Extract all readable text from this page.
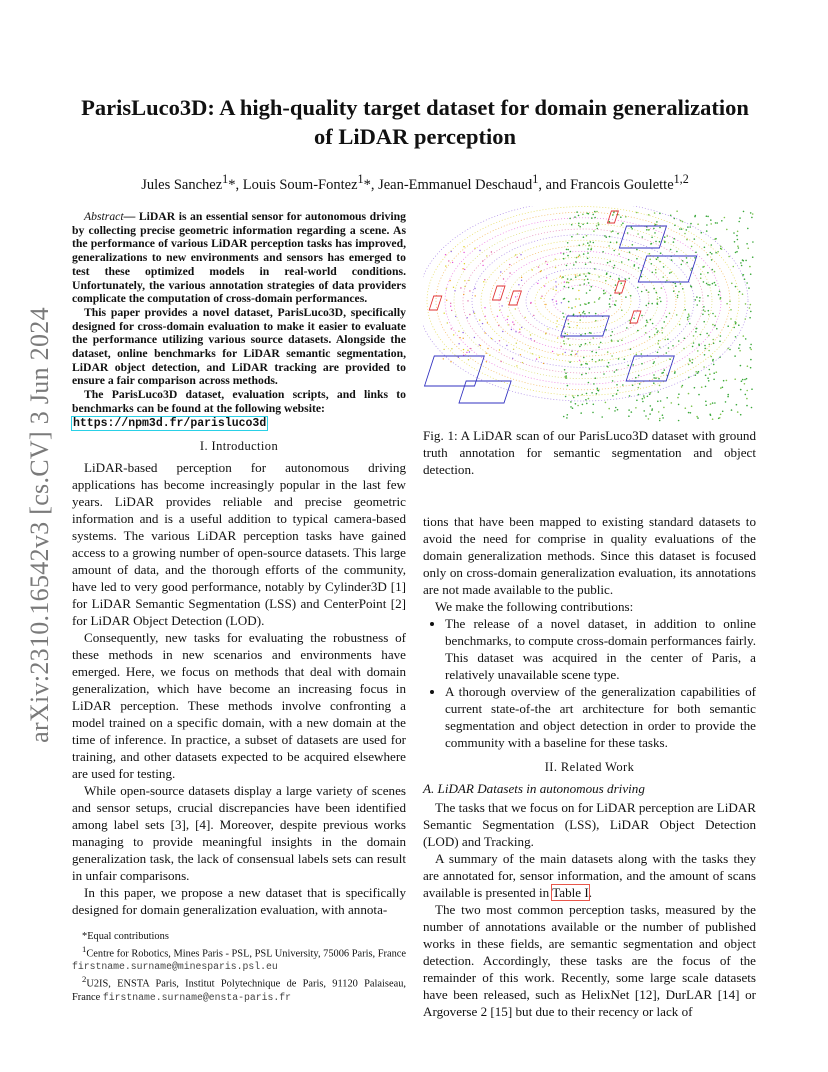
arXiv:2310.16542v3 [cs.CV] 3 Jun 2024
ParisLuco3D: A high-quality target dataset for domain generalization of LiDAR perception
Jules Sanchez$^1$*, Louis Soum-Fontez$^1$*, Jean-Emmanuel Deschaud$^1$, and Francois Goulette$^{1,2}$

Abstract— LiDAR is an essential sensor for autonomous driving by collecting precise geometric information regarding a scene. As the performance of various LiDAR perception tasks has improved, generalizations to new environments and sensors has emerged to test these optimized models in real-world conditions. Unfortunately, the various annotation strategies of data providers complicate the computation of cross-domain performances.

This paper provides a novel dataset, ParisLuco3D, specifically designed for cross-domain evaluation to make it easier to evaluate the performance utilizing various source datasets. Alongside the dataset, online benchmarks for LiDAR semantic segmentation, LiDAR object detection, and LiDAR tracking are provided to ensure a fair comparison across methods.

The ParisLuco3D dataset, evaluation scripts, and links to benchmarks can be found at the following website:

https://npm3d.fr/parisluco3d
I. Introduction

LiDAR-based perception for autonomous driving applications has become increasingly popular in the last few years. LiDAR provides reliable and precise geometric information and is a useful addition to typical camera-based systems. The various LiDAR perception tasks have gained access to a growing number of open-source datasets. This large amount of data, and the thorough efforts of the community, have led to very good performance, notably by Cylinder3D [1] for LiDAR Semantic Segmentation (LSS) and CenterPoint [2] for LiDAR Object Detection (LOD).

Consequently, new tasks for evaluating the robustness of these methods in new scenarios and environments have emerged. Here, we focus on methods that deal with domain generalization, which have become an increasing focus in LiDAR perception. These methods involve confronting a model trained on a specific domain, with a new domain at the time of inference. In practice, a subset of datasets are used for training, and other datasets expected to be acquired elsewhere are used for testing.

While open-source datasets display a large variety of scenes and sensor setups, crucial discrepancies have been identified among label sets [3], [4]. Moreover, despite previous works managing to provide meaningful insights in the domain generalization task, the lack of consensual labels sets can result in unfair comparisons.

In this paper, we propose a new dataset that is specifically designed for domain generalization evaluation, with annota-

*Equal contributions

$^1$Centre for Robotics, Mines Paris - PSL, PSL University, 75006 Paris, France firstname.surname@minesparis.psl.eu

$^2$U2IS, ENSTA Paris, Institut Polytechnique de Paris, 91120 Palaiseau, France firstname.surname@ensta-paris.fr

Fig. 1: A LiDAR scan of our ParisLuco3D dataset with ground truth annotation for semantic segmentation and object detection.

tions that have been mapped to existing standard datasets to avoid the need for comprise in quality evaluations of the domain generalization methods. Since this dataset is focused only on cross-domain generalization evaluation, its annotations are not made available to the public.

We make the following contributions:

• The release of a novel dataset, in addition to online benchmarks, to compute cross-domain performances fairly. This dataset was acquired in the center of Paris, a relatively unavailable scene type.
• A thorough overview of the generalization capabilities of current state-of-the art architecture for both semantic segmentation and object detection in order to provide the community with a baseline for these tasks.
II. Related Work
A. LiDAR Datasets in autonomous driving

The tasks that we focus on for LiDAR perception are LiDAR Semantic Segmentation (LSS), LiDAR Object Detection (LOD) and Tracking.

A summary of the main datasets along with the tasks they are annotated for, sensor information, and the amount of scans available is presented in Table I.

The two most common perception tasks, measured by the number of annotations available or the number of published works in these fields, are semantic segmentation and object detection. Accordingly, these tasks are the focus of the remainder of this work. Recently, some large scale datasets have been released, such as HelixNet [12], DurLAR [14] or Argoverse 2 [15] but due to their recency or lack of
